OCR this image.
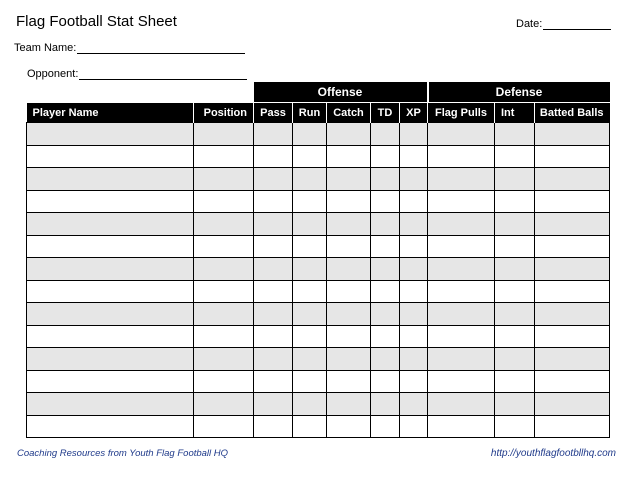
Flag Football Stat Sheet	Date:
Team Name:
Opponent:
		Offense					Defense		
Player Name	Position	Pass	Run	Catch	TD	XP	Flag Pulls	Int	Batted Balls

Coaching Resources from Youth Flag Football HQ	http://youthflagfootbllhq.com
